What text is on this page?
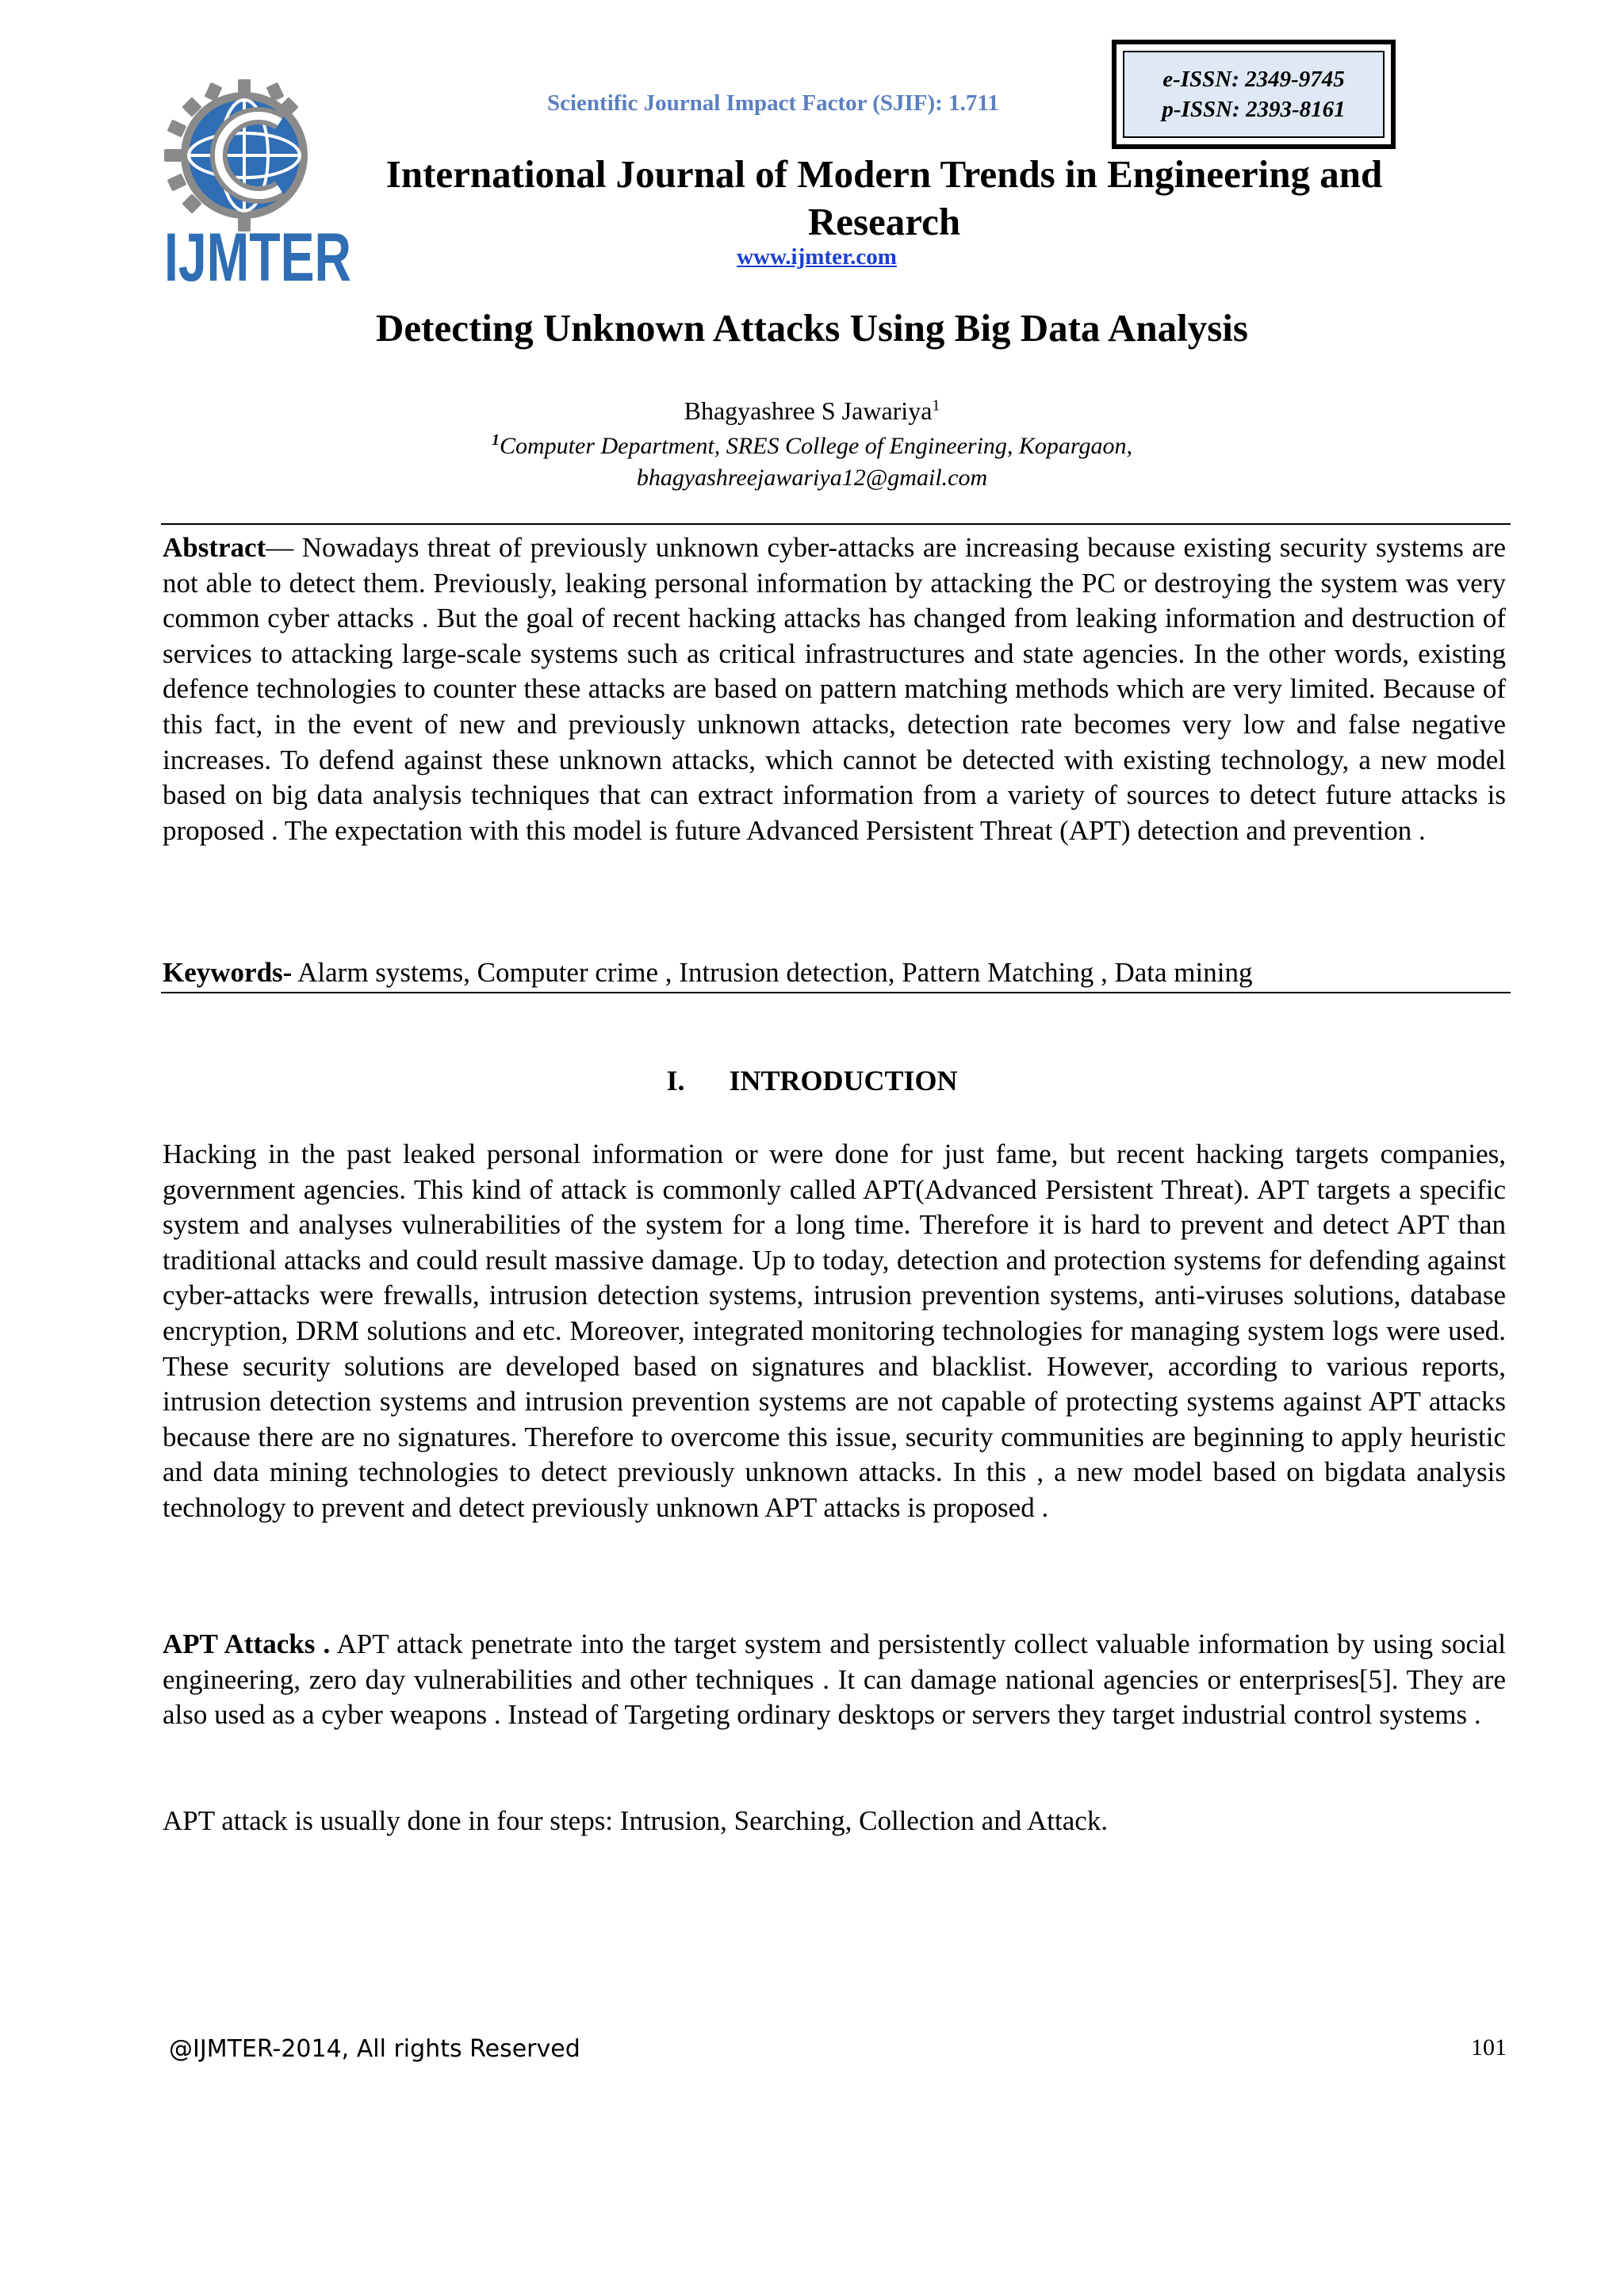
IJMTER
Scientific Journal Impact Factor (SJIF): 1.711
e-ISSN: 2349-9745
p-ISSN: 2393-8161
International Journal of Modern Trends in Engineering and Research
www.ijmter.com
Detecting Unknown Attacks Using Big Data Analysis
Bhagyashree S Jawariya$^1$
$^1$Computer Department, SRES College of Engineering, Kopargaon,
bhagyashreejawariya12@gmail.com

Abstract— Nowadays threat of previously unknown cyber-attacks are increasing because existing security systems are not able to detect them. Previously, leaking personal information by attacking the PC or destroying the system was very common cyber attacks . But the goal of recent hacking attacks has changed from leaking information and destruction of services to attacking large-scale systems such as critical infrastructures and state agencies. In the other words, existing defence technologies to counter these attacks are based on pattern matching methods which are very limited. Because of this fact, in the event of new and previously unknown attacks, detection rate becomes very low and false negative increases. To defend against these unknown attacks, which cannot be detected with existing technology, a new model based on big data analysis techniques that can extract information from a variety of sources to detect future attacks is proposed . The expectation with this model is future Advanced Persistent Threat (APT) detection and prevention .

Keywords- Alarm systems, Computer crime , Intrusion detection, Pattern Matching , Data mining

I. INTRODUCTION

Hacking in the past leaked personal information or were done for just fame, but recent hacking targets companies, government agencies. This kind of attack is commonly called APT(Advanced Persistent Threat). APT targets a specific system and analyses vulnerabilities of the system for a long time. Therefore it is hard to prevent and detect APT than traditional attacks and could result massive damage. Up to today, detection and protection systems for defending against cyber-attacks were frewalls, intrusion detection systems, intrusion prevention systems, anti-viruses solutions, database encryption, DRM solutions and etc. Moreover, integrated monitoring technologies for managing system logs were used. These security solutions are developed based on signatures and blacklist. However, according to various reports, intrusion detection systems and intrusion prevention systems are not capable of protecting systems against APT attacks because there are no signatures. Therefore to overcome this issue, security communities are beginning to apply heuristic and data mining technologies to detect previously unknown attacks. In this , a new model based on bigdata analysis technology to prevent and detect previously unknown APT attacks is proposed .

APT Attacks . APT attack penetrate into the target system and persistently collect valuable information by using social engineering, zero day vulnerabilities and other techniques . It can damage national agencies or enterprises[5]. They are also used as a cyber weapons . Instead of Targeting ordinary desktops or servers they target industrial control systems .

APT attack is usually done in four steps: Intrusion, Searching, Collection and Attack.

@IJMTER-2014, All rights Reserved	101
